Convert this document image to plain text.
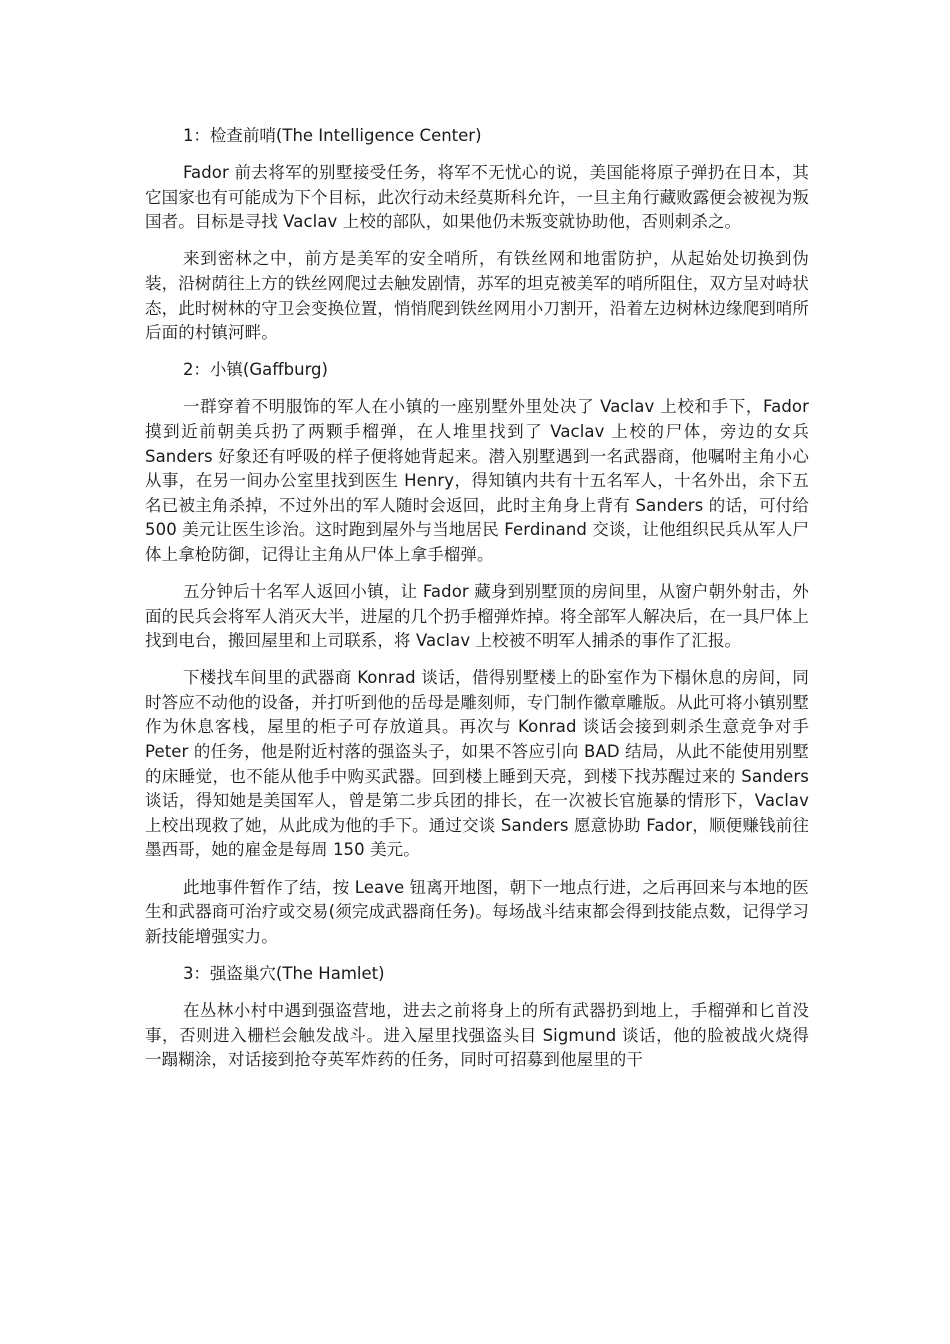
1：检查前哨(The Intelligence Center)

Fador 前去将军的别墅接受任务，将军不无忧心的说，美国能将原子弹扔在日本，其它国家也有可能成为下个目标，此次行动未经莫斯科允许，一旦主角行藏败露便会被视为叛国者。目标是寻找 Vaclav 上校的部队，如果他仍未叛变就协助他，否则刺杀之。

来到密林之中，前方是美军的安全哨所，有铁丝网和地雷防护，从起始处切换到伪装，沿树荫往上方的铁丝网爬过去触发剧情，苏军的坦克被美军的哨所阻住，双方呈对峙状态，此时树林的守卫会变换位置，悄悄爬到铁丝网用小刀割开，沿着左边树林边缘爬到哨所后面的村镇河畔。

2：小镇(Gaffburg)

一群穿着不明服饰的军人在小镇的一座别墅外里处决了 Vaclav 上校和手下，Fador 摸到近前朝美兵扔了两颗手榴弹，在人堆里找到了 Vaclav 上校的尸体，旁边的女兵 Sanders 好象还有呼吸的样子便将她背起来。潜入别墅遇到一名武器商，他嘱咐主角小心从事，在另一间办公室里找到医生 Henry，得知镇内共有十五名军人，十名外出，余下五名已被主角杀掉，不过外出的军人随时会返回，此时主角身上背有 Sanders 的话，可付给 500 美元让医生诊治。这时跑到屋外与当地居民 Ferdinand 交谈，让他组织民兵从军人尸体上拿枪防御，记得让主角从尸体上拿手榴弹。

五分钟后十名军人返回小镇，让 Fador 藏身到别墅顶的房间里，从窗户朝外射击，外面的民兵会将军人消灭大半，进屋的几个扔手榴弹炸掉。将全部军人解决后，在一具尸体上找到电台，搬回屋里和上司联系，将 Vaclav 上校被不明军人捕杀的事作了汇报。

下楼找车间里的武器商 Konrad 谈话，借得别墅楼上的卧室作为下榻休息的房间，同时答应不动他的设备，并打听到他的岳母是雕刻师，专门制作徽章雕版。从此可将小镇别墅作为休息客栈，屋里的柜子可存放道具。再次与 Konrad 谈话会接到刺杀生意竞争对手 Peter 的任务，他是附近村落的强盗头子，如果不答应引向 BAD 结局，从此不能使用别墅的床睡觉，也不能从他手中购买武器。回到楼上睡到天亮，到楼下找苏醒过来的 Sanders 谈话，得知她是美国军人，曾是第二步兵团的排长，在一次被长官施暴的情形下，Vaclav 上校出现救了她，从此成为他的手下。通过交谈 Sanders 愿意协助 Fador，顺便赚钱前往墨西哥，她的雇金是每周 150 美元。

此地事件暂作了结，按 Leave 钮离开地图，朝下一地点行进，之后再回来与本地的医生和武器商可治疗或交易(须完成武器商任务)。每场战斗结束都会得到技能点数，记得学习新技能增强实力。

3：强盗巢穴(The Hamlet)

在丛林小村中遇到强盗营地，进去之前将身上的所有武器扔到地上，手榴弹和匕首没事，否则进入栅栏会触发战斗。进入屋里找强盗头目 Sigmund 谈话，他的脸被战火烧得一蹋糊涂，对话接到抢夺英军炸药的任务，同时可招募到他屋里的干
